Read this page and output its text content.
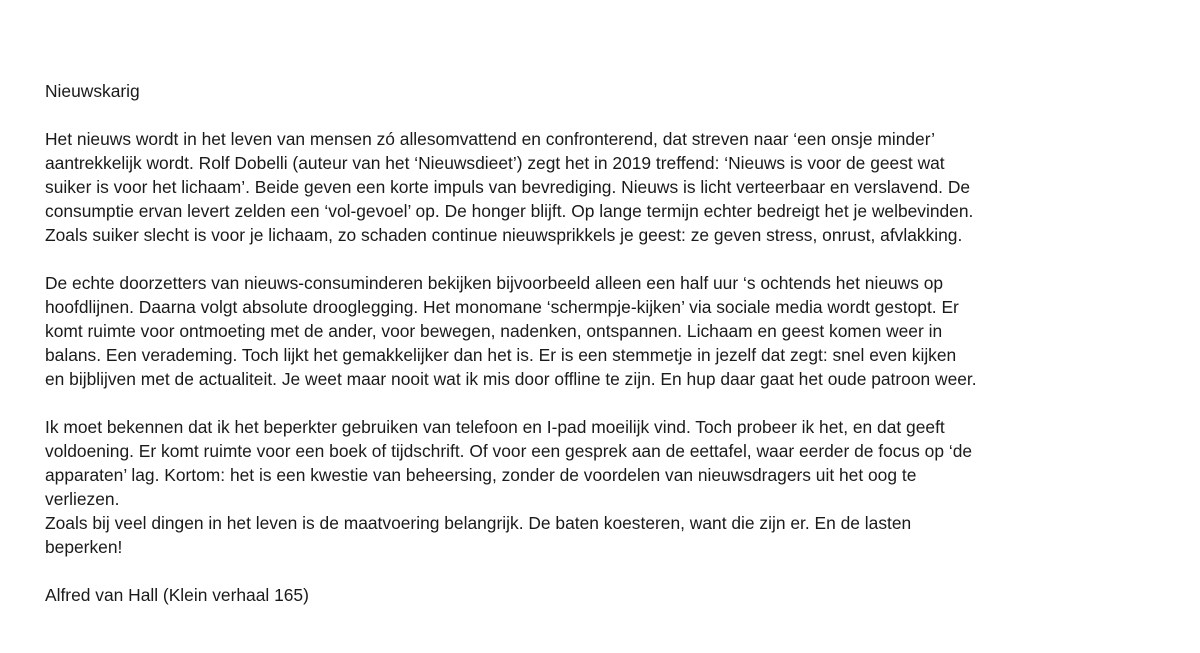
Nieuwskarig
Het nieuws wordt in het leven van mensen zó allesomvattend en confronterend, dat streven naar ‘een onsje minder’
aantrekkelijk wordt. Rolf Dobelli (auteur van het ‘Nieuwsdieet’) zegt het in 2019 treffend: ‘Nieuws is voor de geest wat
suiker is voor het lichaam’. Beide geven een korte impuls van bevrediging. Nieuws is licht verteerbaar en verslavend. De
consumptie ervan levert zelden een ‘vol-gevoel’ op. De honger blijft. Op lange termijn echter bedreigt het je welbevinden.
Zoals suiker slecht is voor je lichaam, zo schaden continue nieuwsprikkels je geest: ze geven stress, onrust, afvlakking.
De echte doorzetters van nieuws-consuminderen bekijken bijvoorbeeld alleen een half uur ‘s ochtends het nieuws op
hoofdlijnen. Daarna volgt absolute drooglegging. Het monomane ‘schermpje-kijken’ via sociale media wordt gestopt. Er
komt ruimte voor ontmoeting met de ander, voor bewegen, nadenken, ontspannen. Lichaam en geest komen weer in
balans. Een verademing. Toch lijkt het gemakkelijker dan het is. Er is een stemmetje in jezelf dat zegt: snel even kijken
en bijblijven met de actualiteit. Je weet maar nooit wat ik mis door offline te zijn. En hup daar gaat het oude patroon weer.
Ik moet bekennen dat ik het beperkter gebruiken van telefoon en I-pad moeilijk vind. Toch probeer ik het, en dat geeft
voldoening. Er komt ruimte voor een boek of tijdschrift. Of voor een gesprek aan de eettafel, waar eerder de focus op ‘de
apparaten’ lag. Kortom: het is een kwestie van beheersing, zonder de voordelen van nieuwsdragers uit het oog te
verliezen.
Zoals bij veel dingen in het leven is de maatvoering belangrijk. De baten koesteren, want die zijn er. En de lasten
beperken!
Alfred van Hall (Klein verhaal 165)
